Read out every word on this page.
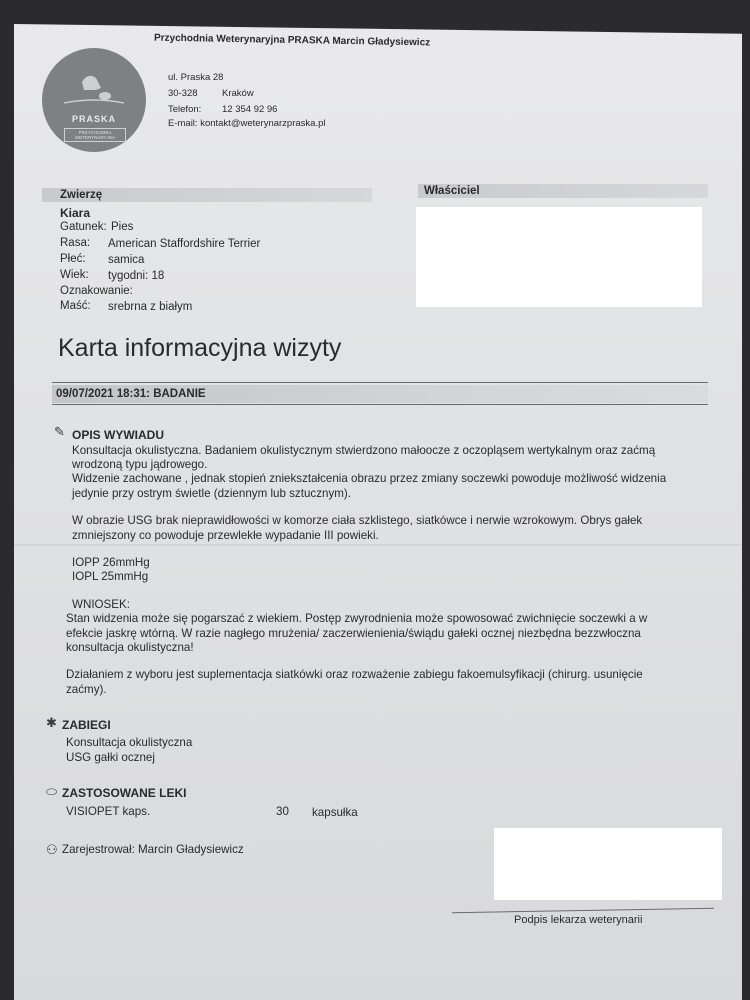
PRASKA
PRZYCHODNIA WETERYNARYJNA
Przychodnia Weterynaryjna PRASKA Marcin Gładysiewicz
ul. Praska 28
30-328	Kraków
Telefon: 12 354 92 96
E-mail: kontakt@weterynarzpraska.pl
Zwierzę	Właściciel
Kiara
Gatunek: Pies
Rasa: American Staffordshire Terrier
Płeć: samica
Wiek: tygodni: 18
Oznakowanie:
Maść: srebrna z białym
Karta informacyjna wizyty
09/07/2021 18:31: BADANIE
✎ OPIS WYWIADU
Konsultacja okulistyczna. Badaniem okulistycznym stwierdzono małoocze z oczopląsem wertykalnym oraz zaćmą
wrodzoną typu jądrowego.
Widzenie zachowane , jednak stopień zniekształcenia obrazu przez zmiany soczewki powoduje możliwość widzenia
jedynie przy ostrym świetle (dziennym lub sztucznym).
W obrazie USG brak nieprawidłowości w komorze ciała szklistego, siatkówce i nerwie wzrokowym. Obrys gałek
zmniejszony co powoduje przewlekłe wypadanie III powieki.
IOPP 26mmHg
IOPL 25mmHg
WNIOSEK:
Stan widzenia może się pogarszać z wiekiem. Postęp zwyrodnienia może spowosować zwichnięcie soczewki a w
efekcie jaskrę wtórną. W razie nagłego mrużenia/ zaczerwienienia/świądu gałeki ocznej niezbędna bezzwłoczna
konsultacja okulistyczna!
Działaniem z wyboru jest suplementacja siatkówki oraz rozważenie zabiegu fakoemulsyfikacji (chirurg. usunięcie
zaćmy).
✱ ZABIEGI
Konsultacja okulistyczna
USG gałki ocznej
⬭ ZASTOSOWANE LEKI
VISIOPET kaps.	30 kapsułka
⚇ Zarejestrował: Marcin Gładysiewicz
Podpis lekarza weterynarii
